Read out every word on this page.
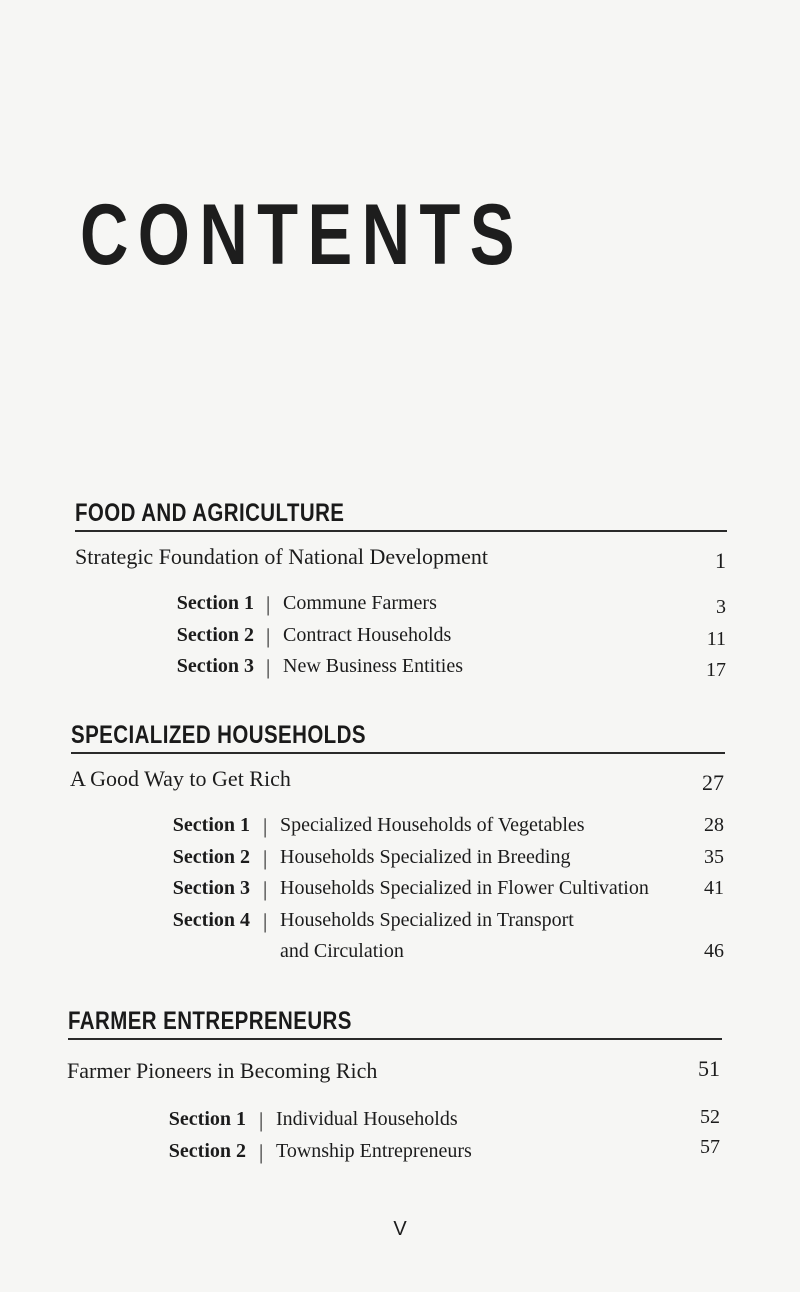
CONTENTS
FOOD AND AGRICULTURE
Strategic Foundation of National Development	1
Section 1 | Commune Farmers	3
Section 2 | Contract Households	11
Section 3 | New Business Entities	17
SPECIALIZED HOUSEHOLDS
A Good Way to Get Rich	27
Section 1 | Specialized Households of Vegetables	28
Section 2 | Households Specialized in Breeding	35
Section 3 | Households Specialized in Flower Cultivation	41
Section 4 | Households Specialized in Transport
and Circulation	46
FARMER ENTREPRENEURS
Farmer Pioneers in Becoming Rich	51
Section 1 | Individual Households	52
Section 2 | Township Entrepreneurs	57
V
